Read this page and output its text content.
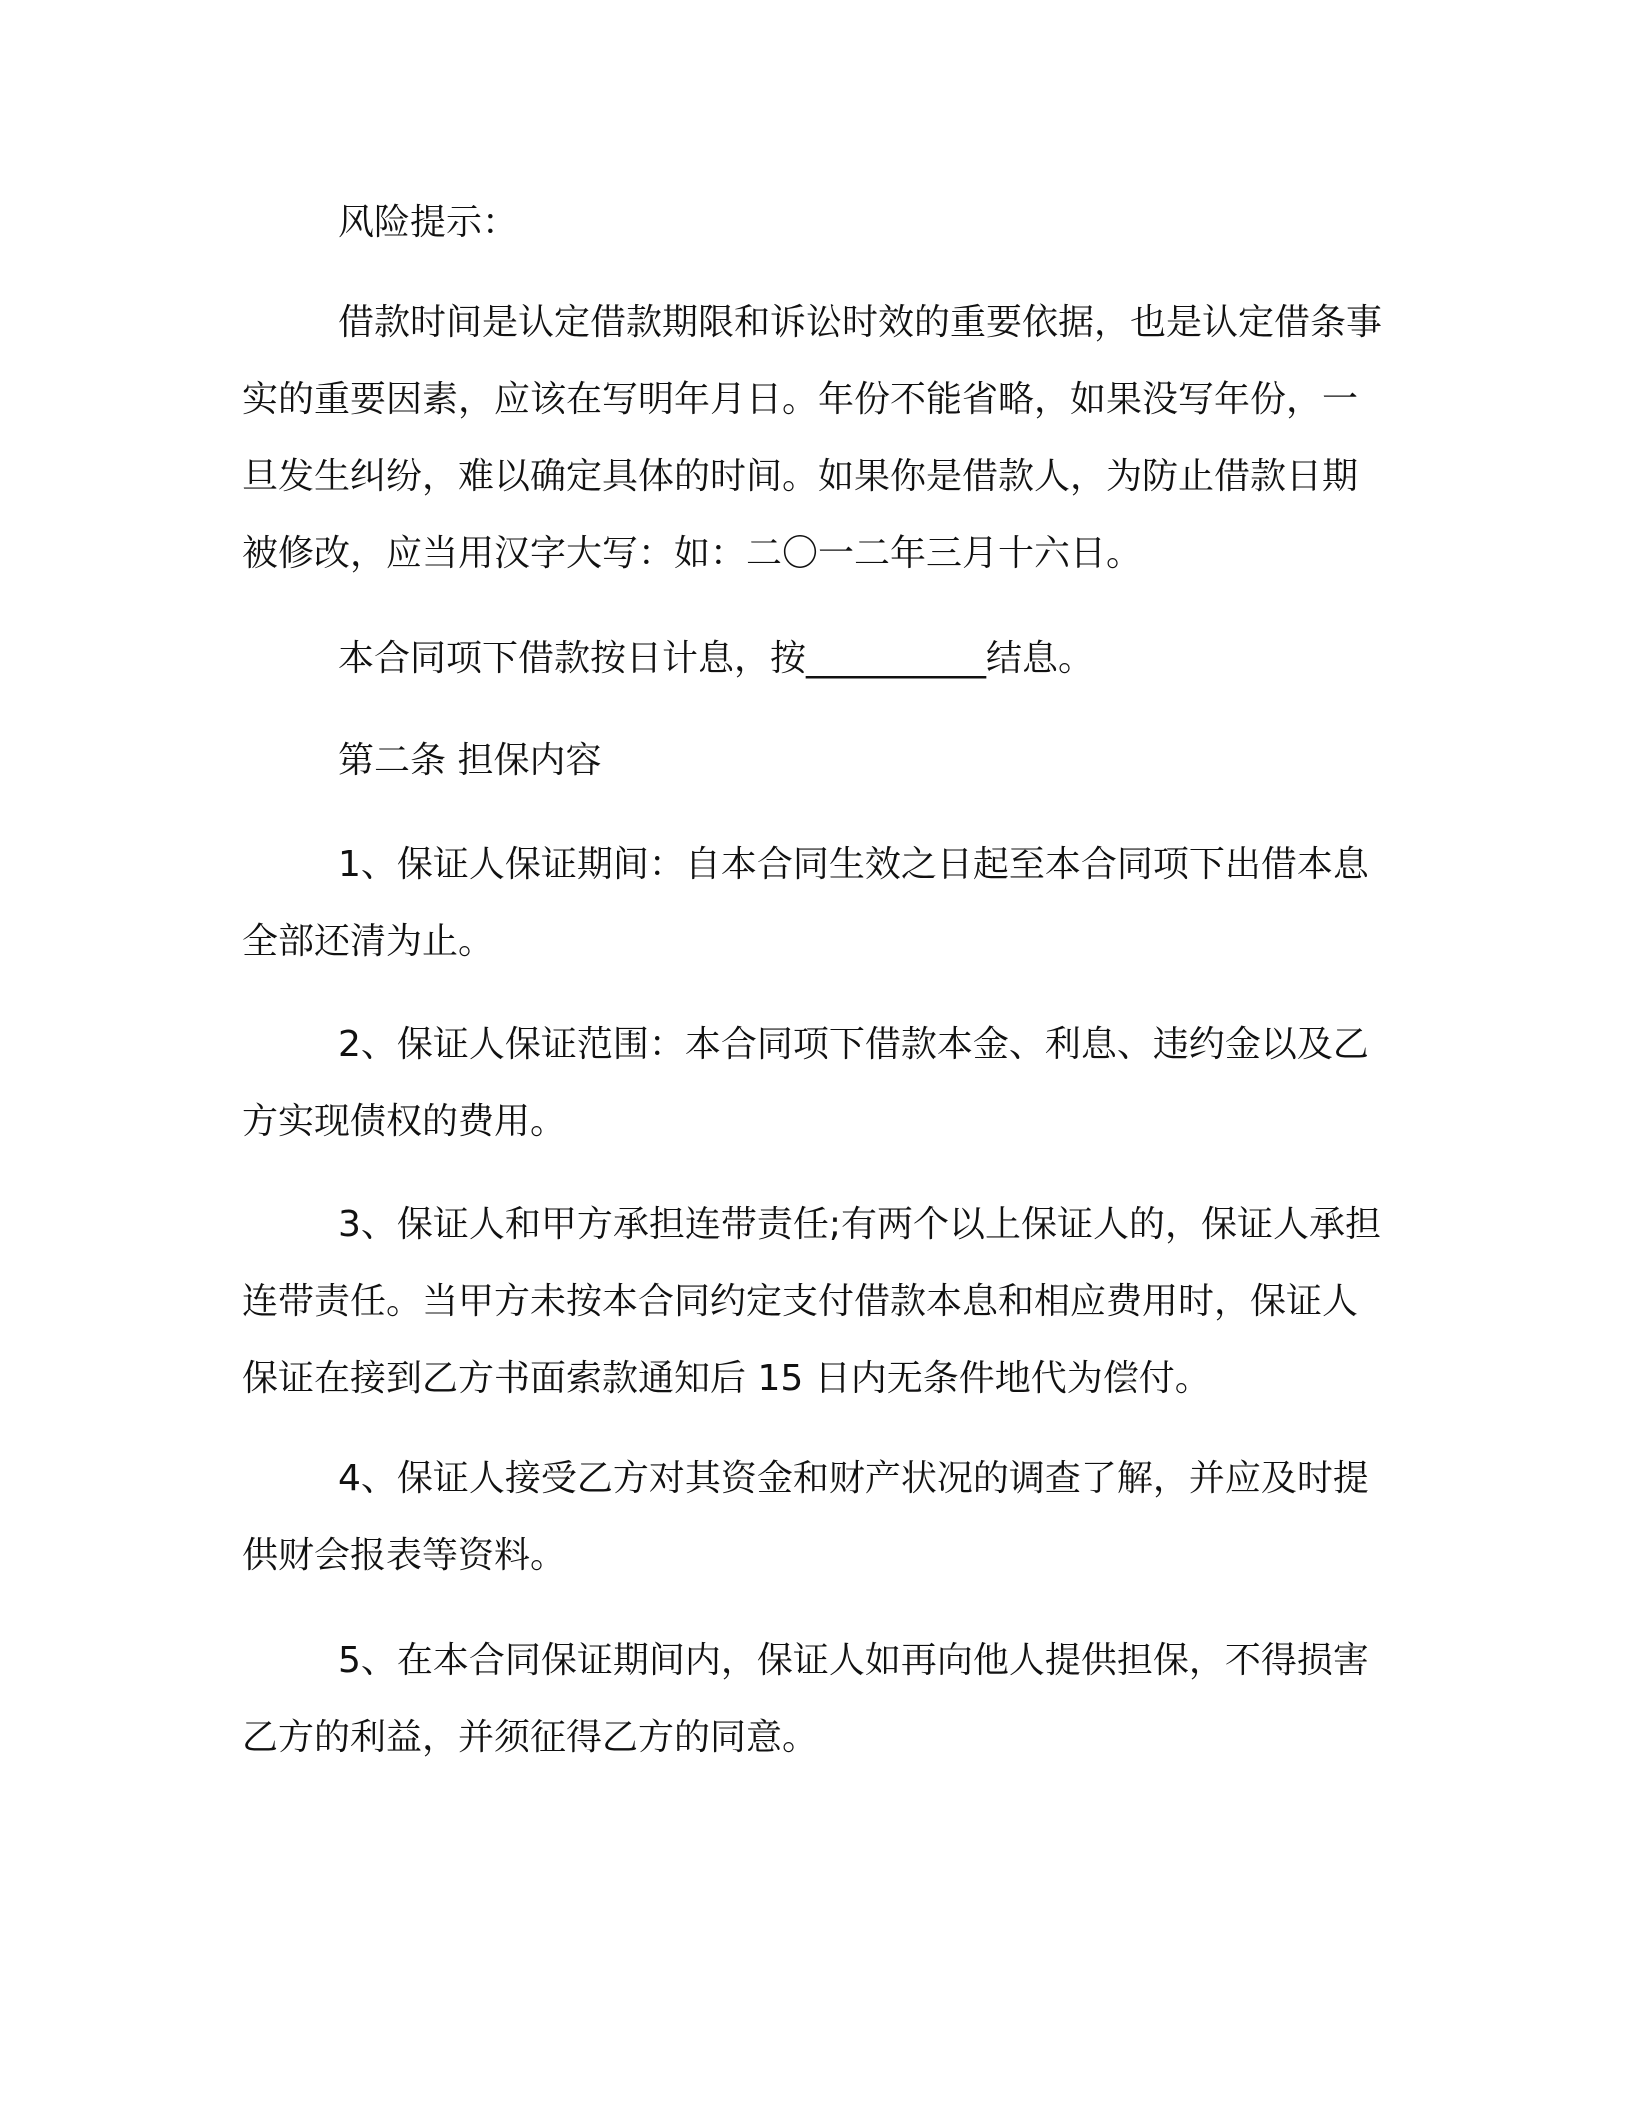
风险提示：

借款时间是认定借款期限和诉讼时效的重要依据，也是认定借条事实的重要因素，应该在写明年月日。年份不能省略，如果没写年份，一旦发生纠纷，难以确定具体的时间。如果你是借款人，为防止借款日期被修改，应当用汉字大写：如：二〇一二年三月十六日。

本合同项下借款按日计息，按__________结息。

第二条 担保内容

1、保证人保证期间：自本合同生效之日起至本合同项下出借本息全部还清为止。

2、保证人保证范围：本合同项下借款本金、利息、违约金以及乙方实现债权的费用。

3、保证人和甲方承担连带责任;有两个以上保证人的，保证人承担连带责任。当甲方未按本合同约定支付借款本息和相应费用时，保证人保证在接到乙方书面索款通知后 15 日内无条件地代为偿付。

4、保证人接受乙方对其资金和财产状况的调查了解，并应及时提供财会报表等资料。

5、在本合同保证期间内，保证人如再向他人提供担保，不得损害乙方的利益，并须征得乙方的同意。
